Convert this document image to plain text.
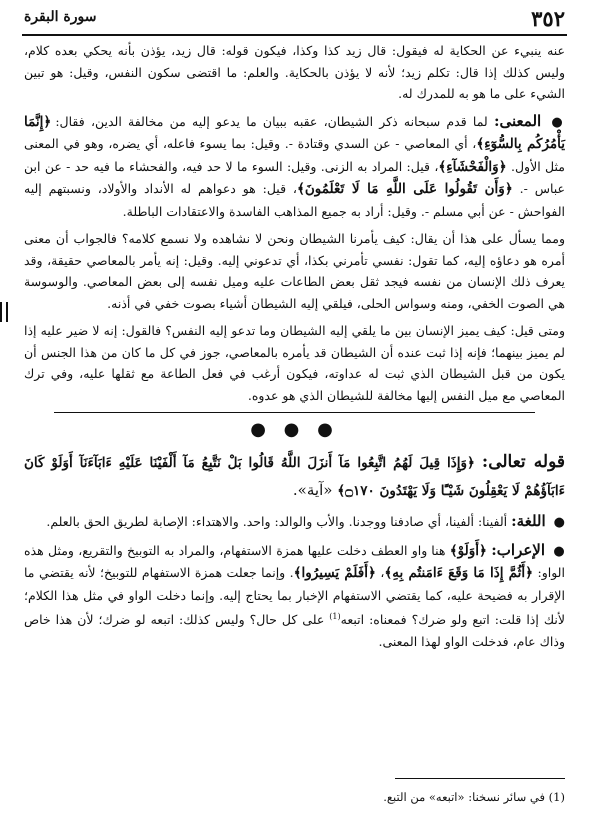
٣٥٢
سورة البقرة

عنه ينبيء عن الحكاية له فيقول: قال زيد كذا وكذا، فيكون قوله: قال زيد، يؤذن بأنه يحكي بعده كلام، وليس كذلك إذا قال: تكلم زيد؛ لأنه لا يؤذن بالحكاية. والعلم: ما اقتضى سكون النفس، وقيل: هو تبين الشيء على ما هو به للمدرك له.

● المعنى: لما قدم سبحانه ذكر الشيطان، عقبه ببيان ما يدعو إليه من مخالفة الدين، فقال: ﴿إِنَّمَا يَأْمُرُكُم بِالسُّوٓءِ﴾، أي المعاصي - عن السدي وقتادة -. وقيل: بما يسوء فاعله، أي يضره، وهو في المعنى مثل الأول. ﴿وَالْفَحْشَآءِ﴾، قيل: المراد به الزنى. وقيل: السوء ما لا حد فيه، والفحشاء ما فيه حد - عن ابن عباس -. ﴿وَأَن تَقُولُوا عَلَى اللَّهِ مَا لَا تَعْلَمُونَ﴾، قيل: هو دعواهم له الأنداد والأولاد، ونسبتهم إليه الفواحش - عن أبي مسلم -. وقيل: أراد به جميع المذاهب الفاسدة والاعتقادات الباطلة.

ومما يسأل على هذا أن يقال: كيف يأمرنا الشيطان ونحن لا نشاهده ولا نسمع كلامه؟ فالجواب أن معنى أمره هو دعاؤه إليه، كما تقول: نفسي تأمرني بكذا، أي تدعوني إليه. وقيل: إنه يأمر بالمعاصي حقيقة، وقد يعرف ذلك الإنسان من نفسه فيجد ثقل بعض الطاعات عليه وميل نفسه إلى بعض المعاصي. والوسوسة هي الصوت الخفي، ومنه وسواس الحلى، فيلقي إليه الشيطان أشياء بصوت خفي في أذنه.

ومتى قيل: كيف يميز الإنسان بين ما يلقي إليه الشيطان وما تدعو إليه النفس؟ فالقول: إنه لا ضير عليه إذا لم يميز بينهما؛ فإنه إذا ثبت عنده أن الشيطان قد يأمره بالمعاصي، جوز في كل ما كان من هذا الجنس أن يكون من قبل الشيطان الذي ثبت له عداوته، فيكون أرغب في فعل الطاعة مع ثقلها عليه، وفي ترك المعاصي مع ميل النفس إليها مخالفة للشيطان الذي هو عدوه.

● ● ●

قوله تعالى: ﴿وَإِذَا قِيلَ لَهُمُ اتَّبِعُوا مَآ أَنزَلَ اللَّهُ قَالُوا بَلْ نَتَّبِعُ مَآ أَلْفَيْنَا عَلَيْهِ ءَابَآءَنَآ أَوَلَوْ كَانَ ءَابَآؤُهُمْ لَا يَعْقِلُونَ شَيْـًٔا وَلَا يَهْتَدُونَ ۝١٧٠﴾ «آية».

● اللغة: ألفينا: ألفينا، أي صادفنا ووجدنا. والأب والوالد: واحد. والاهتداء: الإصابة لطريق الحق بالعلم.

● الإعراب: ﴿أَوَلَوْ﴾ هنا واو العطف دخلت عليها همزة الاستفهام، والمراد به التوبيخ والتقريع، ومثل هذه الواو: ﴿أَثُمَّ إِذَا مَا وَقَعَ ءَامَنتُم بِهِ﴾، ﴿أَفَلَمْ يَسِيرُوا﴾. وإنما جعلت همزة الاستفهام للتوبيخ؛ لأنه يقتضي ما الإقرار به فضيحة عليه، كما يقتضي الاستفهام الإخبار بما يحتاج إليه. وإنما دخلت الواو في مثل هذا الكلام؛ لأنك إذا قلت: اتبع ولو ضرك؟ فمعناه: اتبعه$^{(1)}$ على كل حال؟ وليس كذلك: اتبعه لو ضرك؛ لأن هذا خاص وذاك عام، فدخلت الواو لهذا المعنى.

(1) في سائر نسخنا: «اتبعه» من التبع.
